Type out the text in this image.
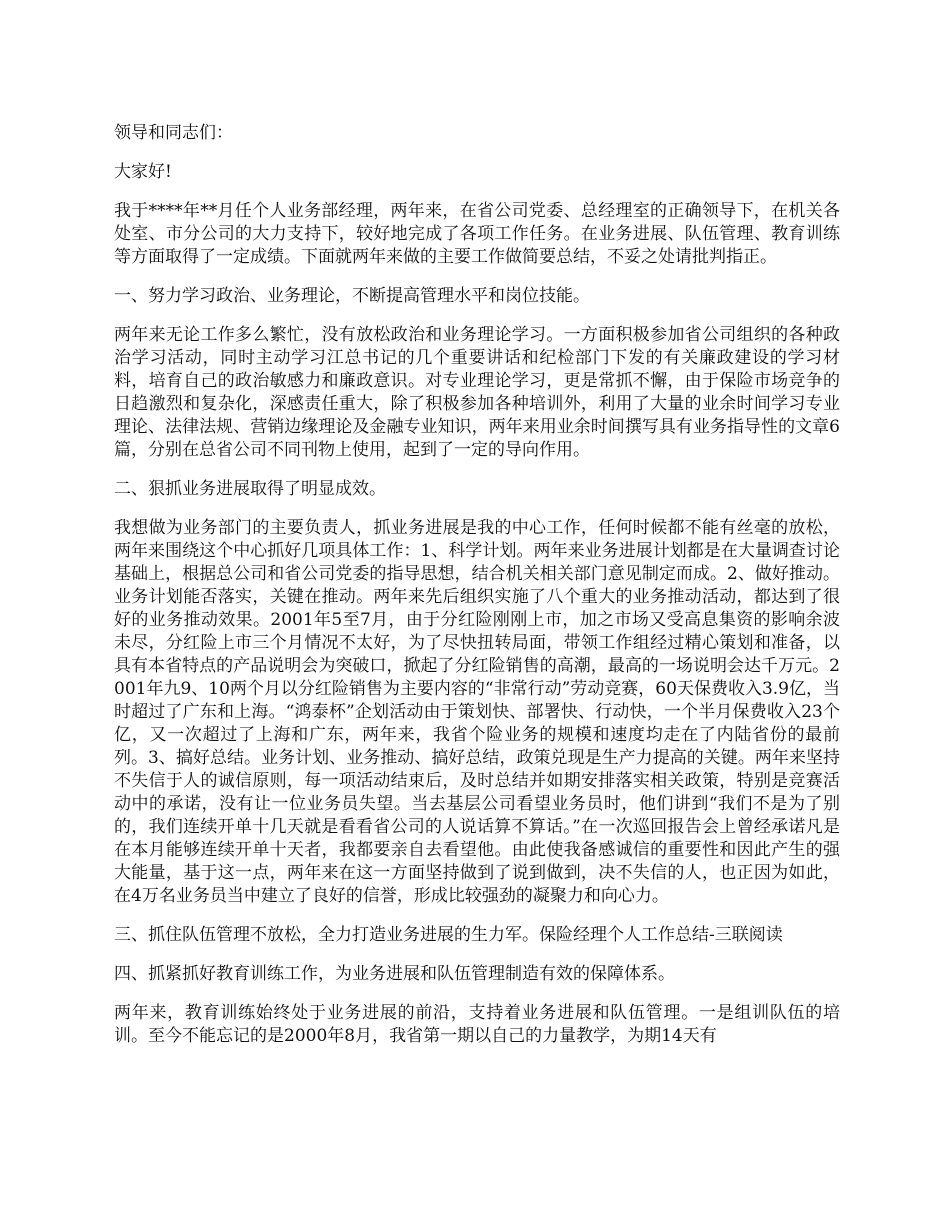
领导和同志们：

大家好!

我于****年**月任个人业务部经理，两年来，在省公司党委、总经理室的正确领导下，在机关各处室、市分公司的大力支持下，较好地完成了各项工作任务。在业务进展、队伍管理、教育训练等方面取得了一定成绩。下面就两年来做的主要工作做简要总结，不妥之处请批判指正。

一、努力学习政治、业务理论，不断提高管理水平和岗位技能。

两年来无论工作多么繁忙，没有放松政治和业务理论学习。一方面积极参加省公司组织的各种政治学习活动，同时主动学习江总书记的几个重要讲话和纪检部门下发的有关廉政建设的学习材料，培育自己的政治敏感力和廉政意识。对专业理论学习，更是常抓不懈，由于保险市场竞争的日趋激烈和复杂化，深感责任重大，除了积极参加各种培训外，利用了大量的业余时间学习专业理论、法律法规、营销边缘理论及金融专业知识，两年来用业余时间撰写具有业务指导性的文章6篇，分别在总省公司不同刊物上使用，起到了一定的导向作用。

二、狠抓业务进展取得了明显成效。

我想做为业务部门的主要负责人，抓业务进展是我的中心工作，任何时候都不能有丝毫的放松，两年来围绕这个中心抓好几项具体工作：1、科学计划。两年来业务进展计划都是在大量调查讨论基础上，根据总公司和省公司党委的指导思想，结合机关相关部门意见制定而成。2、做好推动。业务计划能否落实，关键在推动。两年来先后组织实施了八个重大的业务推动活动，都达到了很好的业务推动效果。2001年5至7月，由于分红险刚刚上市，加之市场又受高息集资的影响余波未尽，分红险上市三个月情况不太好，为了尽快扭转局面，带领工作组经过精心策划和准备，以具有本省特点的产品说明会为突破口，掀起了分红险销售的高潮，最高的一场说明会达千万元。2001年九9、10两个月以分红险销售为主要内容的“非常行动”劳动竞赛，60天保费收入3.9亿，当时超过了广东和上海。“鸿泰杯”企划活动由于策划快、部署快、行动快，一个半月保费收入23个亿，又一次超过了上海和广东，两年来，我省个险业务的规模和速度均走在了内陆省份的最前列。3、搞好总结。业务计划、业务推动、搞好总结，政策兑现是生产力提高的关键。两年来坚持不失信于人的诚信原则，每一项活动结束后，及时总结并如期安排落实相关政策，特别是竞赛活动中的承诺，没有让一位业务员失望。当去基层公司看望业务员时，他们讲到“我们不是为了别的，我们连续开单十几天就是看看省公司的人说话算不算话。”在一次巡回报告会上曾经承诺凡是在本月能够连续开单十天者，我都要亲自去看望他。由此使我备感诚信的重要性和因此产生的强大能量，基于这一点，两年来在这一方面坚持做到了说到做到，决不失信的人，也正因为如此，在4万名业务员当中建立了良好的信誉，形成比较强劲的凝聚力和向心力。

三、抓住队伍管理不放松，全力打造业务进展的生力军。保险经理个人工作总结-三联阅读

四、抓紧抓好教育训练工作，为业务进展和队伍管理制造有效的保障体系。

两年来，教育训练始终处于业务进展的前沿，支持着业务进展和队伍管理。一是组训队伍的培训。至今不能忘记的是2000年8月，我省第一期以自己的力量教学，为期14天有
